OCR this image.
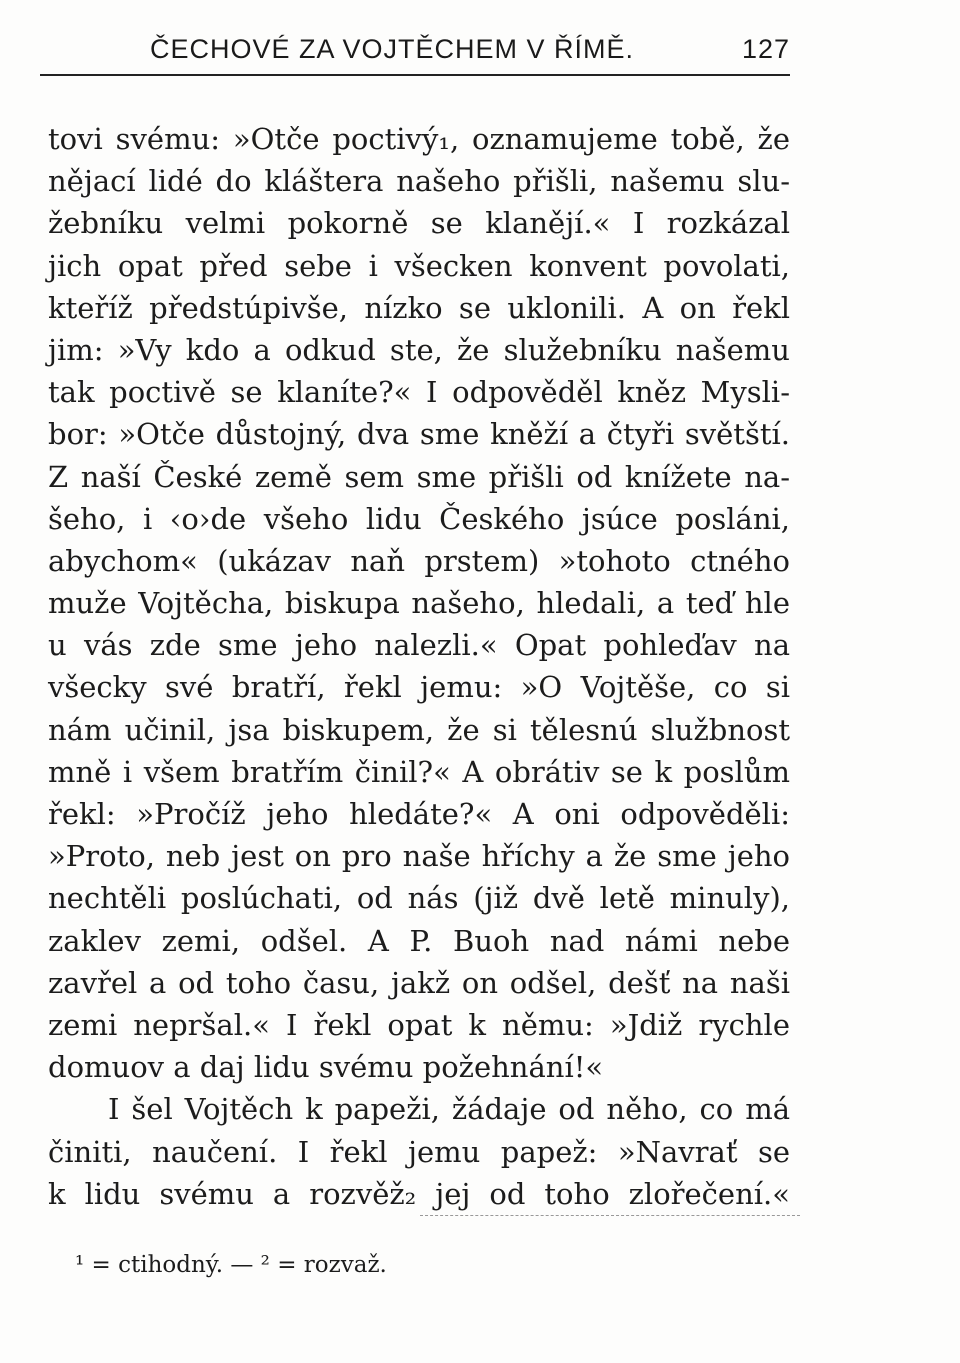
ČECHOVÉ ZA VOJTĚCHEM V ŘÍMĚ.	127
tovi svému: »Otče poctivý₁, oznamujeme tobě, že
nějací lidé do kláštera našeho přišli, našemu slu-
žebníku velmi pokorně se klanějí.« I rozkázal
jich opat před sebe i všecken konvent povolati,
kteříž předstúpivše, nízko se uklonili. A on řekl
jim: »Vy kdo a odkud ste, že služebníku našemu
tak poctivě se klaníte?« I odpověděl kněz Mysli-
bor: »Otče důstojný, dva sme kněží a čtyři světští.
Z naší České země sem sme přišli od knížete na-
šeho, i ‹o›de všeho lidu Českého jsúce posláni,
abychom« (ukázav naň prstem) »tohoto ctného
muže Vojtěcha, biskupa našeho, hledali, a teď hle
u vás zde sme jeho nalezli.« Opat pohleďav na
všecky své bratří, řekl jemu: »O Vojtěše, co si
nám učinil, jsa biskupem, že si tělesnú službnost
mně i všem bratřím činil?« A obrátiv se k poslům
řekl: »Pročíž jeho hledáte?« A oni odpověděli:
»Proto, neb jest on pro naše hříchy a že sme jeho
nechtěli poslúchati, od nás (již dvě letě minuly),
zaklev zemi, odšel. A P. Buoh nad námi nebe
zavřel a od toho času, jakž on odšel, dešť na naši
zemi nepršal.« I řekl opat k němu: »Jdiž rychle
domuov a daj lidu svému požehnání!«
I šel Vojtěch k papeži, žádaje od něho, co má
činiti, naučení. I řekl jemu papež: »Navrať se
k lidu svému a rozvěž₂ jej od toho zlořečení.«
¹ = ctihodný. — ² = rozvaž.
